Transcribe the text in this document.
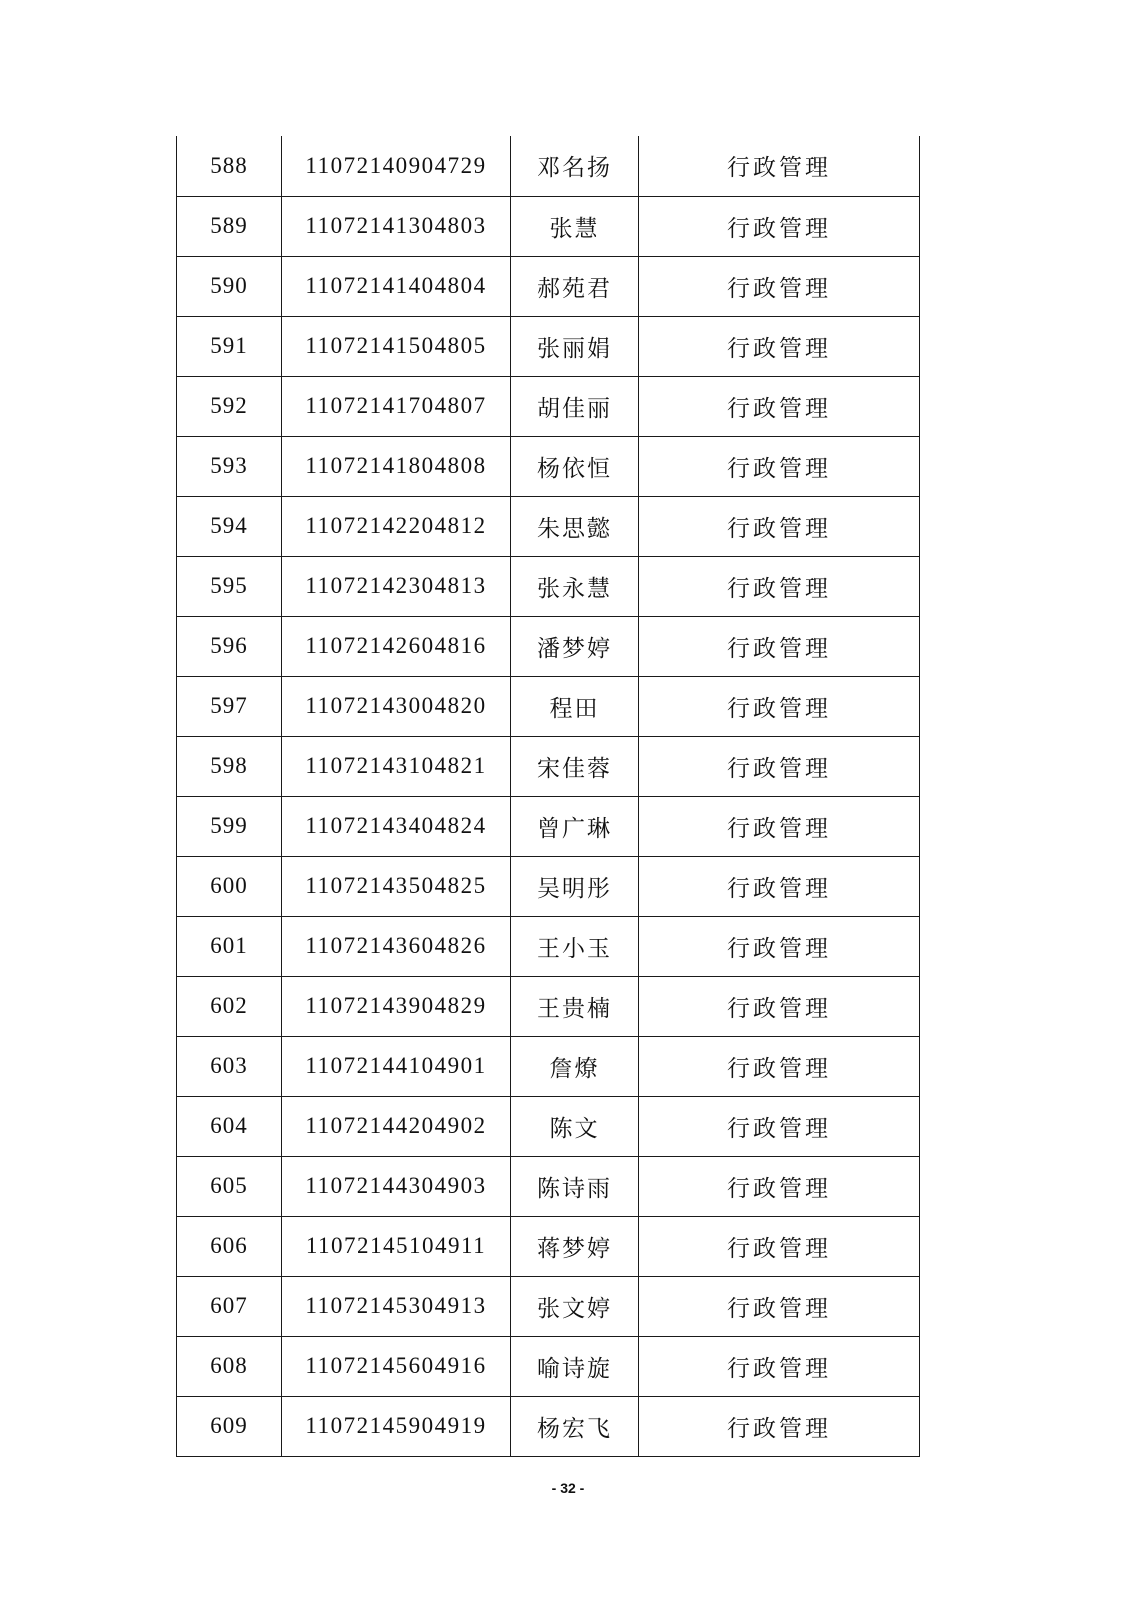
588	11072140904729	邓名扬	行政管理
589	11072141304803	张慧	行政管理
590	11072141404804	郝苑君	行政管理
591	11072141504805	张丽娟	行政管理
592	11072141704807	胡佳丽	行政管理
593	11072141804808	杨依恒	行政管理
594	11072142204812	朱思懿	行政管理
595	11072142304813	张永慧	行政管理
596	11072142604816	潘梦婷	行政管理
597	11072143004820	程田	行政管理
598	11072143104821	宋佳蓉	行政管理
599	11072143404824	曾广琳	行政管理
600	11072143504825	吴明彤	行政管理
601	11072143604826	王小玉	行政管理
602	11072143904829	王贵楠	行政管理
603	11072144104901	詹燎	行政管理
604	11072144204902	陈文	行政管理
605	11072144304903	陈诗雨	行政管理
606	11072145104911	蒋梦婷	行政管理
607	11072145304913	张文婷	行政管理
608	11072145604916	喻诗旋	行政管理
609	11072145904919	杨宏飞	行政管理
- 32 -
